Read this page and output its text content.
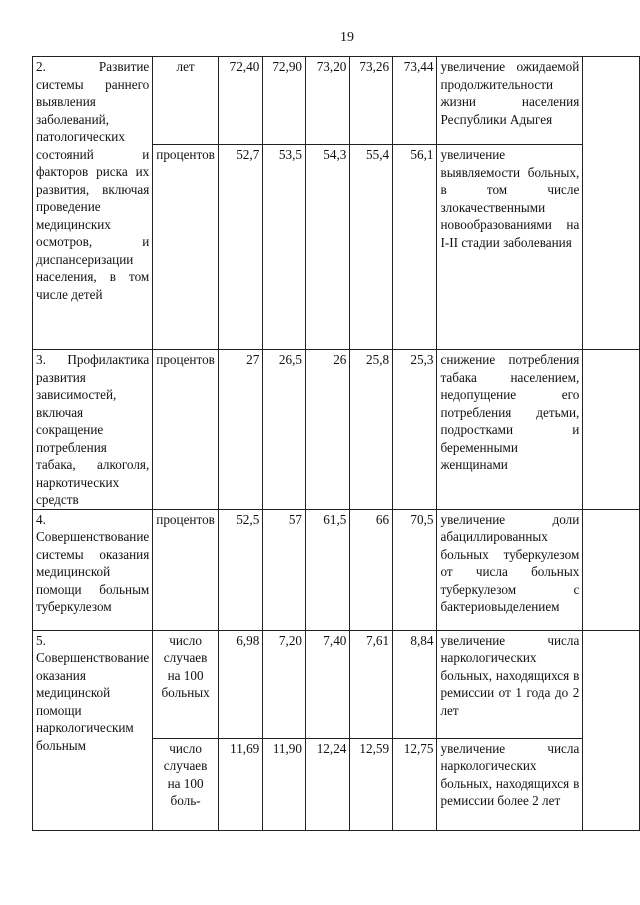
19
2. Развитие системы раннего выявления заболеваний, патологических состояний и факторов риска их развития, включая проведение медицинских осмотров, и диспансеризации населения, в том числе детей	лет	72,40	72,90	73,20	73,26	73,44	увеличение ожидаемой продолжительности жизни населения Республики Адыгея	
	процентов	52,7	53,5	54,3	55,4	56,1	увеличение выявляемости больных, в том числе злокачественными новообразованиями на I-II стадии заболевания	
3. Профилактика развития зависимостей, включая сокращение потребления табака, алкоголя, наркотических средств	процентов	27	26,5	26	25,8	25,3	снижение потребления табака населением, недопущение его потребления детьми, подростками и беременными женщинами	
4. Совершенствование системы оказания медицинской помощи больным туберкулезом	процентов	52,5	57	61,5	66	70,5	увеличение доли абациллированных больных туберкулезом от числа больных туберкулезом с бактериовыделением	
5. Совершенствование оказания медицинской помощи наркологическим больным	число случаев на 100 больных	6,98	7,20	7,40	7,61	8,84	увеличение числа наркологических больных, находящихся в ремиссии от 1 года до 2 лет	
	число случаев на 100 боль-	11,69	11,90	12,24	12,59	12,75	увеличение числа наркологических больных, находящихся в ремиссии более 2 лет	
